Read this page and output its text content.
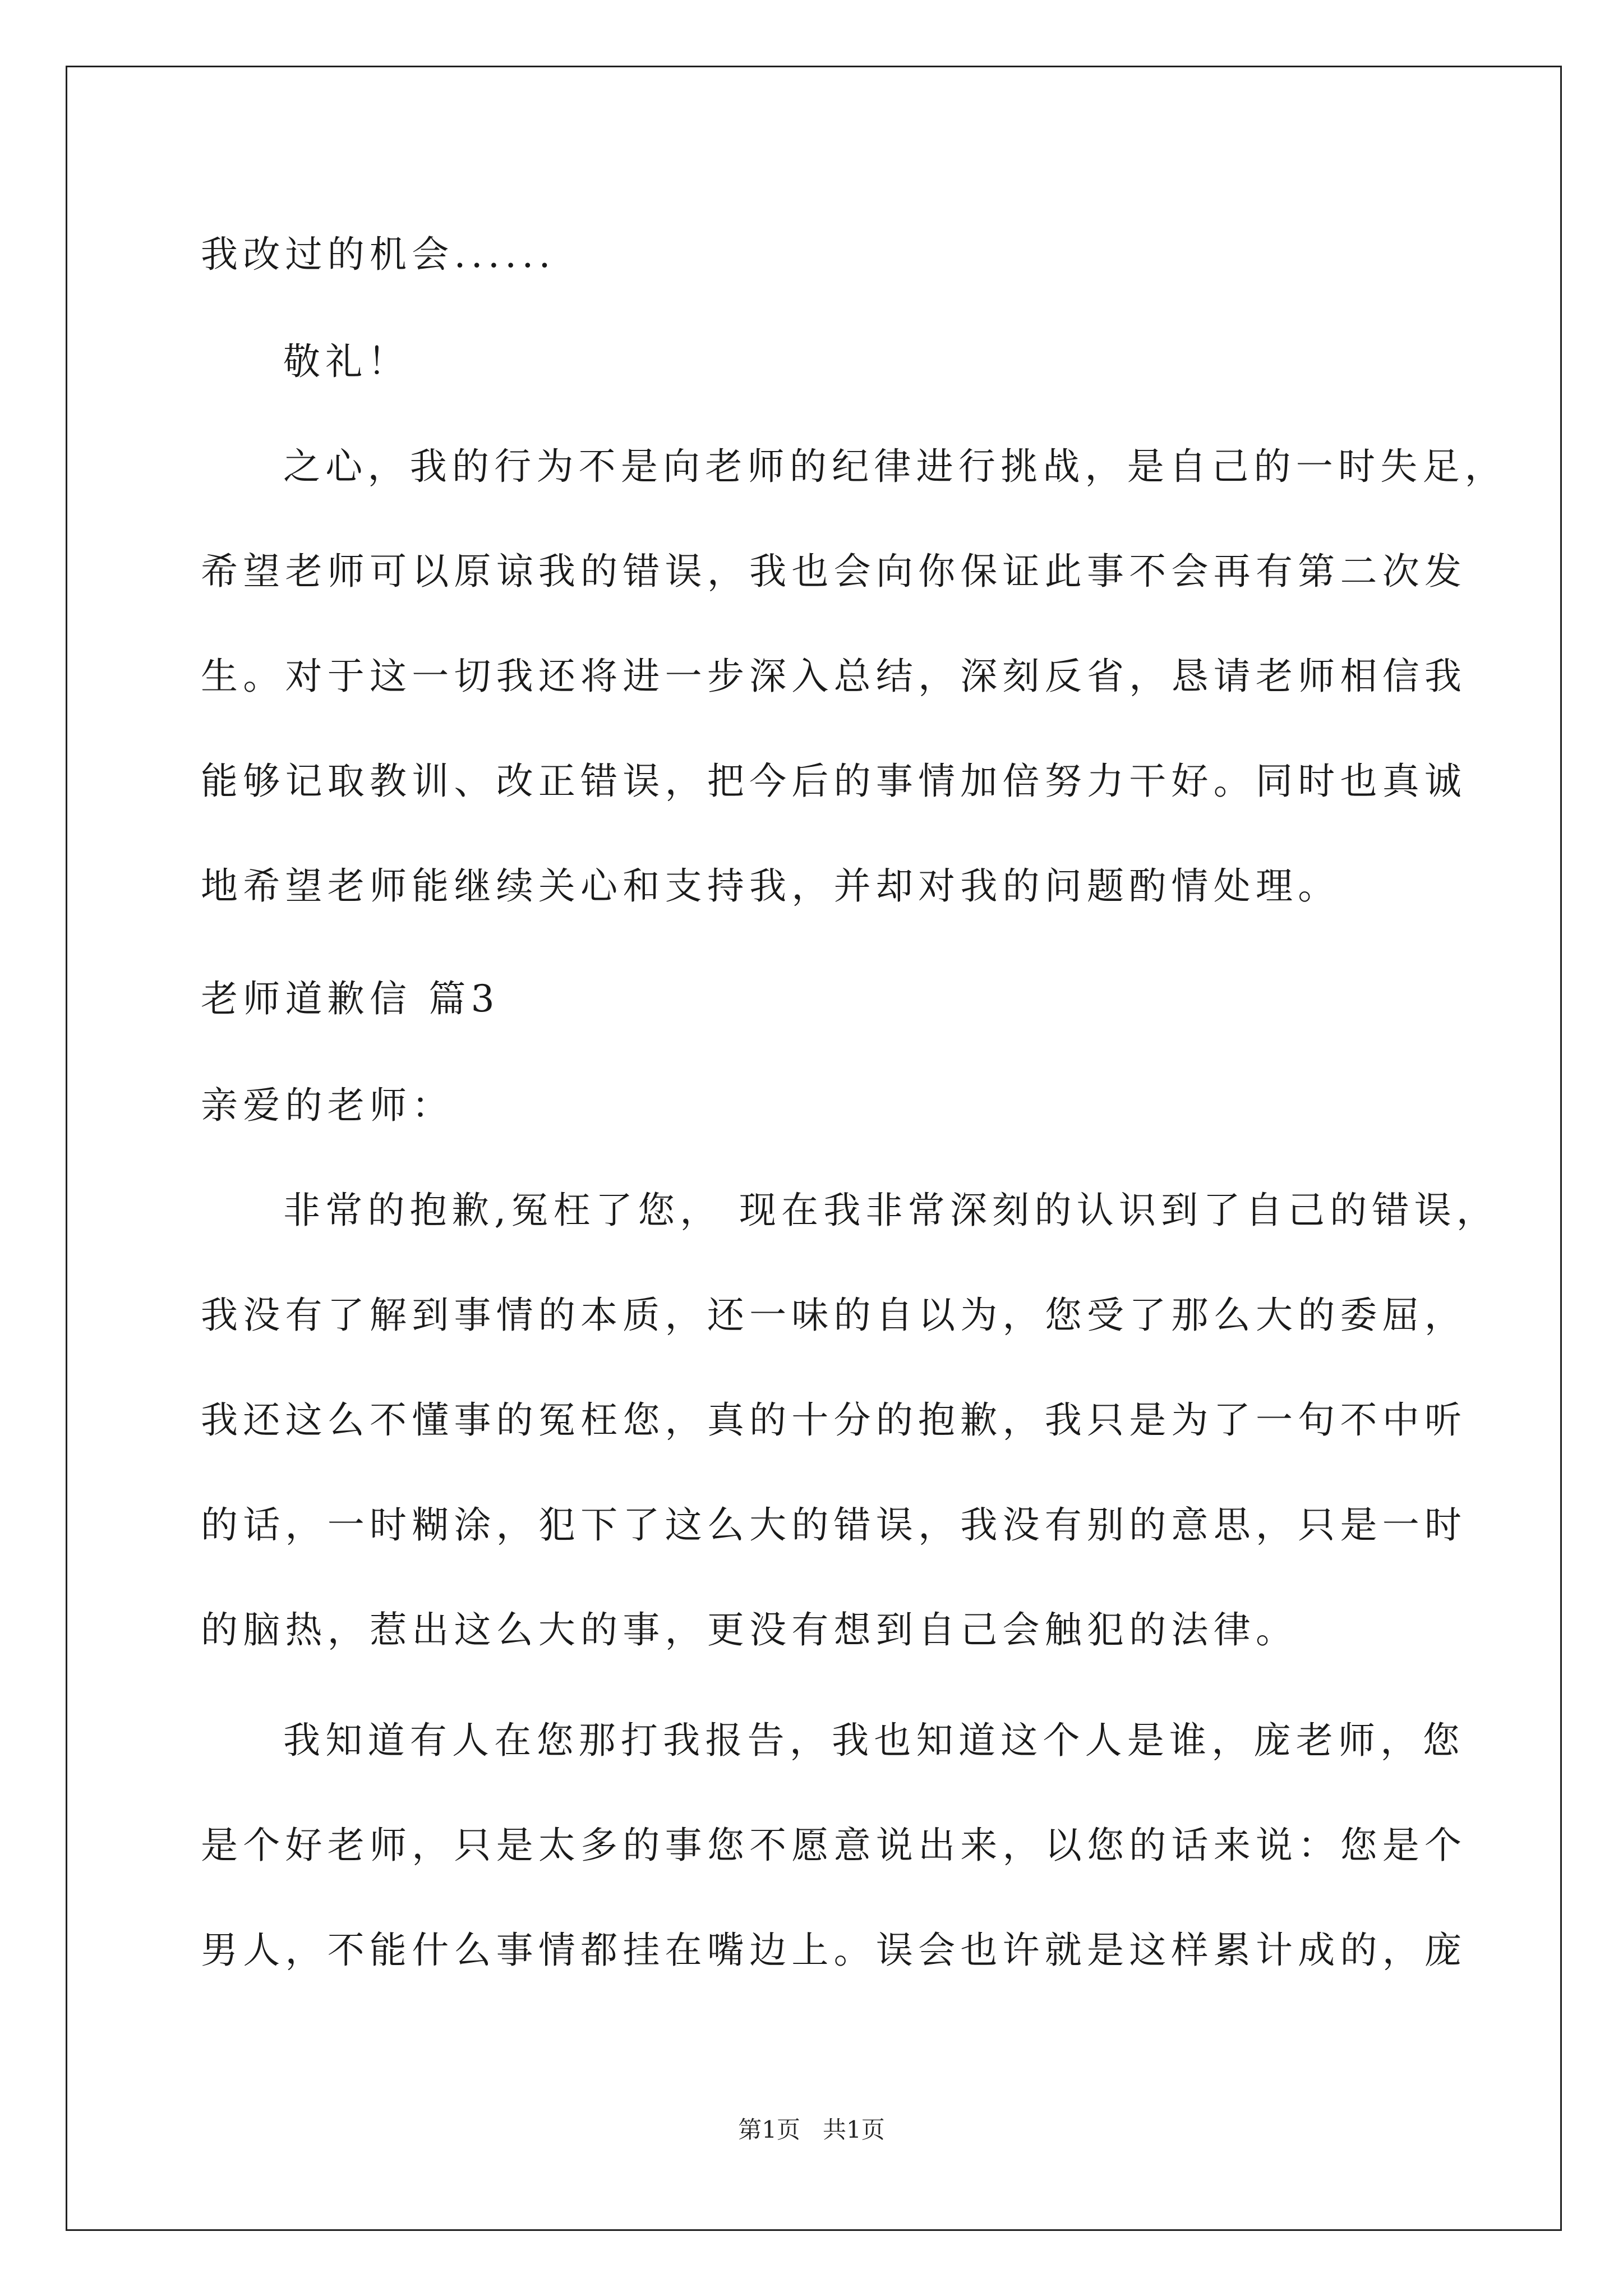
我改过的机会......
敬礼！
之心，我的行为不是向老师的纪律进行挑战，是自己的一时失足，
希望老师可以原谅我的错误，我也会向你保证此事不会再有第二次发
生。对于这一切我还将进一步深入总结，深刻反省，恳请老师相信我
能够记取教训、改正错误，把今后的事情加倍努力干好。同时也真诚
地希望老师能继续关心和支持我，并却对我的问题酌情处理。
老师道歉信 篇3
亲爱的老师：
非常的抱歉,冤枉了您， 现在我非常深刻的认识到了自己的错误，
我没有了解到事情的本质，还一味的自以为，您受了那么大的委屈，
我还这么不懂事的冤枉您，真的十分的抱歉，我只是为了一句不中听
的话，一时糊涂，犯下了这么大的错误，我没有别的意思，只是一时
的脑热，惹出这么大的事，更没有想到自己会触犯的法律。
我知道有人在您那打我报告，我也知道这个人是谁，庞老师，您
是个好老师，只是太多的事您不愿意说出来，以您的话来说：您是个
男人，不能什么事情都挂在嘴边上。误会也许就是这样累计成的，庞
第1页   共1页
